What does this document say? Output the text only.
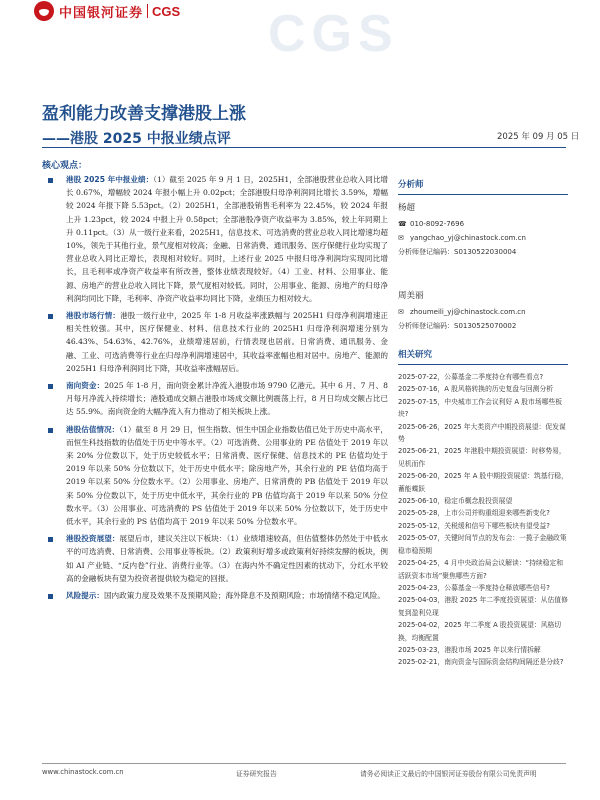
中国银河证券 CGS CGS
盈利能力改善支撑港股上涨
——港股 2025 中报业绩点评	2025 年 09 月 05 日
核心观点：
港股 2025 年中报业绩：（1）截至 2025 年 9 月 1 日，2025H1，全部港股营业总收入同比增长 0.67%，增幅较 2024 年报小幅上升 0.02pct；全部港股归母净利润同比增长 3.59%，增幅较 2024 年报下降 5.53pct。（2）2025H1，全部港股销售毛利率为 22.45%，较 2024 年报上升 1.23pct，较 2024 中报上升 0.58pct；全部港股净资产收益率为 3.85%，较上年同期上升 0.11pct。（3）从一级行业来看，2025H1，信息技术、可选消费的营业总收入同比增速均超 10%，领先于其他行业，景气度相对较高；金融、日常消费、通讯服务、医疗保健行业均实现了营业总收入同比正增长，表现相对较好。同时，上述行业 2025 中报归母净利润均实现同比增长，且毛利率或净资产收益率有所改善，整体业绩表现较好。（4）工业、材料、公用事业、能源、房地产的营业总收入同比下降，景气度相对较低。同时，公用事业、能源、房地产的归母净利润均同比下降，毛利率、净资产收益率均同比下降，业绩压力相对较大。
港股市场行情：港股一级行业中，2025 年 1-8 月收益率涨跌幅与 2025H1 归母净利润增速正相关性较强。其中，医疗保健业、材料、信息技术行业的 2025H1 归母净利润增速分别为 46.43%、54.63%、42.76%，业绩增速居前，行情表现也居前。日常消费、通讯服务、金融、工业、可选消费等行业在归母净利润增速居中，其收益率涨幅也相对居中。房地产、能源的 2025H1 归母净利润同比下降，其收益率涨幅居后。
南向资金：2025 年 1-8 月，南向资金累计净流入港股市场 9790 亿港元。其中 6 月、7 月、8 月每月净流入持续增长；港股通成交额占港股市场成交额比例震荡上行，8 月日均成交额占比已达 55.9%。南向资金的大幅净流入有力推动了相关板块上涨。
港股估值情况：（1）截至 8 月 29 日，恒生指数、恒生中国企业指数估值已处于历史中高水平，而恒生科技指数的估值处于历史中等水平。（2）可选消费、公用事业的 PE 估值处于 2019 年以来 20% 分位数以下，处于历史较低水平；日常消费、医疗保健、信息技术的 PE 估值均处于 2019 年以来 50% 分位数以下，处于历史中低水平；除房地产外，其余行业的 PE 估值均高于 2019 年以来 50% 分位数水平。（2）公用事业、房地产、日常消费的 PB 估值处于 2019 年以来 50% 分位数以下，处于历史中低水平，其余行业的 PB 估值均高于 2019 年以来 50% 分位数水平。（3）公用事业、可选消费的 PS 估值处于 2019 年以来 50% 分位数以下，处于历史中低水平，其余行业的 PS 估值均高于 2019 年以来 50% 分位数水平。
港股投资展望：展望后市，建议关注以下板块：（1）业绩增速较高，但估值整体仍然处于中低水平的可选消费、日常消费、公用事业等板块。（2）政策利好增多或政策利好持续发酵的板块，例如 AI 产业链、“反内卷”行业、消费行业等。（3）在海内外不确定性因素的扰动下，分红水平较高的金融板块有望为投资者提供较为稳定的回报。
风险提示：国内政策力度及效果不及预期风险；海外降息不及预期风险；市场情绪不稳定风险。
分析师
杨超
☎ 010-8092-7696
✉ yangchao_yj@chinastock.com.cn
分析师登记编码：S0130522030004
周美丽
✉ zhoumeili_yj@chinastock.com.cn
分析师登记编码：S0130525070002
相关研究
2025-07-22，公募基金二季度持仓有哪些看点?
2025-07-16，A 股风格转换的历史复盘与回测分析
2025-07-15，中央城市工作会议利好 A 股市场哪些板块?
2025-06-26，2025 年大类资产中期投资展望：促发谋势
2025-06-21，2025 年港股中期投资展望：时移势易，见机而作
2025-06-20，2025 年 A 股中期投资展望：筑基行稳，蓄能蝶跃
2025-06-10，稳定币概念股投资展望
2025-05-28，上市公司并购重组迎来哪些新变化?
2025-05-12，关税缓和信号下哪些板块有望受益?
2025-05-07，关键时间节点的发布会：一揽子金融政策稳市稳预期
2025-04-25，4 月中央政治局会议解读：“持续稳定和活跃资本市场”聚焦哪些方面?
2025-04-23，公募基金一季度持仓释放哪些信号?
2025-04-03，港股 2025 年二季度投资展望：从估值修复到盈利兑现
2025-04-02，2025 年二季度 A 股投资展望：风格切换，均衡配置
2025-03-23，港股市场 2025 年以来行情拆解
2025-02-21，南向资金与国际资金结构间隔还是分歧?
www.chinastock.com.cn	证券研究报告	请务必阅读正文最后的中国银河证券股份有限公司免责声明
